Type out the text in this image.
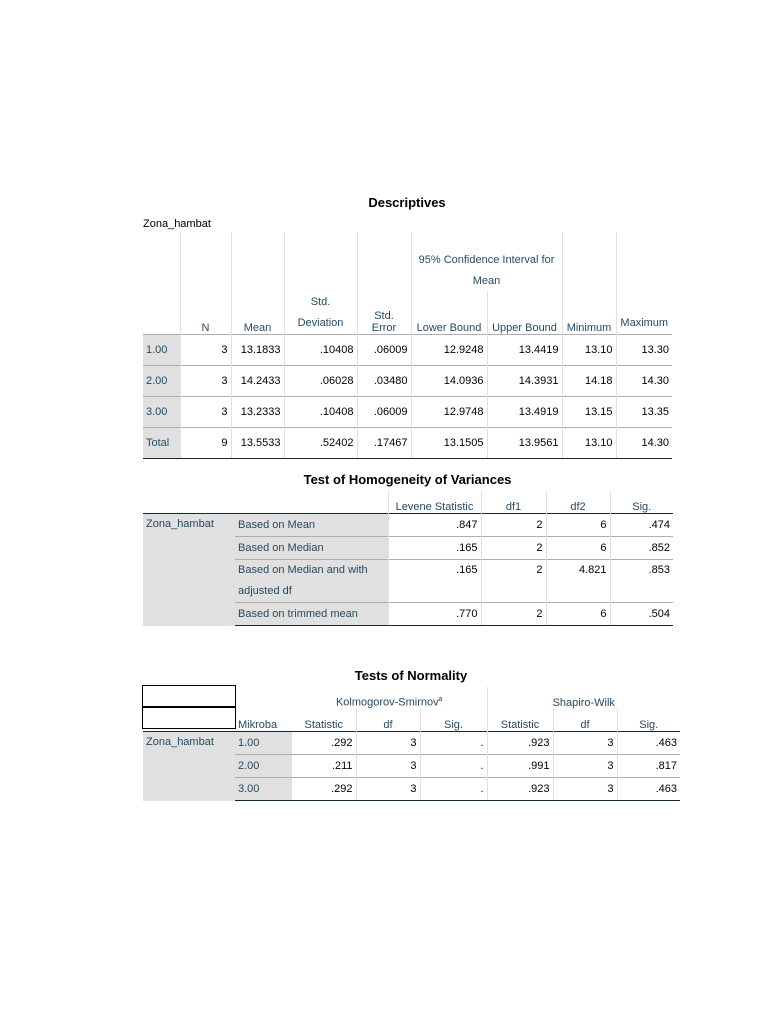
Descriptives
Zona_hambat
					95% Confidence Interval for Mean			
	N	Mean	Std. Deviation	Std. Error	Lower Bound	Upper Bound	Minimum	Maximum
1.00	3	13.1833	.10408	.06009	12.9248	13.4419	13.10	13.30
2.00	3	14.2433	.06028	.03480	14.0936	14.3931	14.18	14.30
3.00	3	13.2333	.10408	.06009	12.9748	13.4919	13.15	13.35
Total	9	13.5533	.52402	.17467	13.1505	13.9561	13.10	14.30
Test of Homogeneity of Variances
		Levene Statistic	df1	df2	Sig.
Zona_hambat	Based on Mean	.847	2	6	.474
	Based on Median	.165	2	6	.852
	Based on Median and with adjusted df	.165	2	4.821	.853
	Based on trimmed mean	.770	2	6	.504
Tests of Normality
		Kolmogorov-Smirnov$^a$			Shapiro-Wilk		
	Mikroba	Statistic	df	Sig.	Statistic	df	Sig.
Zona_hambat	1.00	.292	3	.	.923	3	.463
	2.00	.211	3	.	.991	3	.817
	3.00	.292	3	.	.923	3	.463
